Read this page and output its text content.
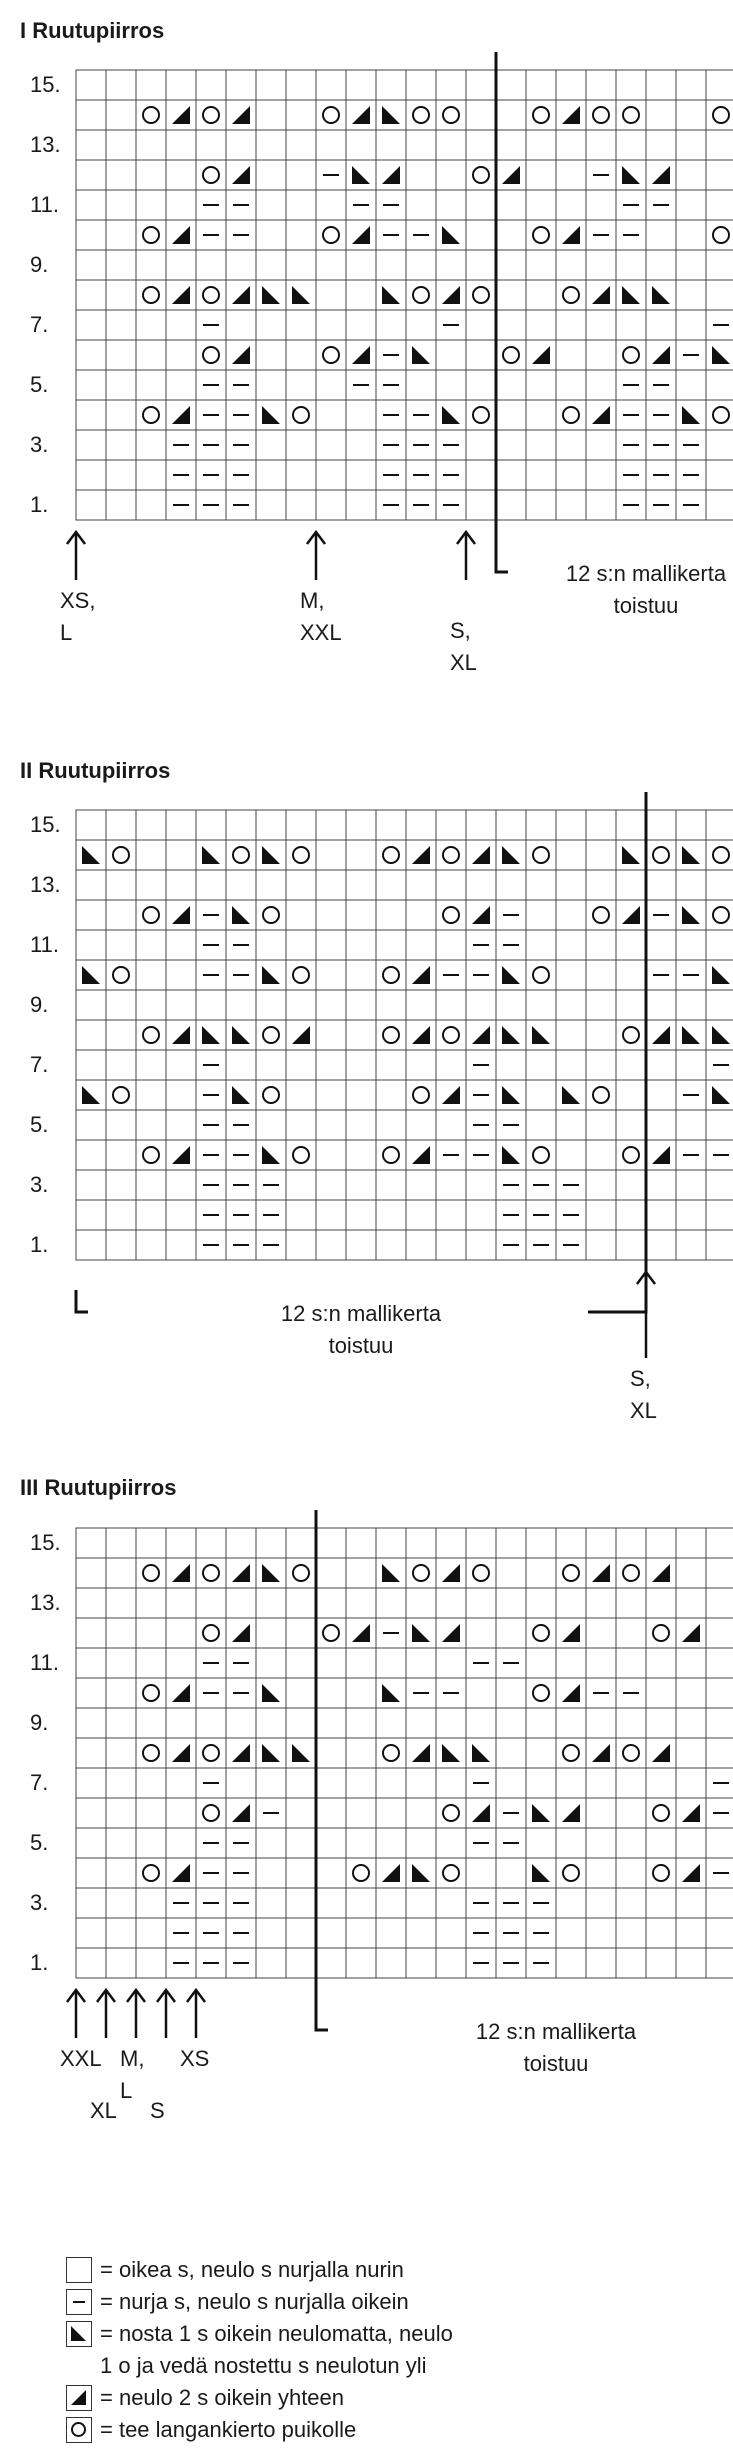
I Ruutupiirros
II Ruutupiirros
III Ruutupiirros
15.
13.
11.
9.
7.
5.
3.
1.
12 s:n mallikerta
toistuu
XS,
L
M,
XXL	S,
XL
15.
13.
11.
9.
7.
5.
3.
1.
12 s:n mallikerta
toistuu
S,
XL
15.
13.
11.
9.
7.
5.
3.
1.
12 s:n mallikerta
toistuu
XXL
XL
M,
L
S
XS
= oikea s, neulo s nurjalla nurin
= nurja s, neulo s nurjalla oikein
= nosta 1 s oikein neulomatta, neulo
1 o ja vedä nostettu s neulotun yli
= neulo 2 s oikein yhteen
= tee langankierto puikolle
